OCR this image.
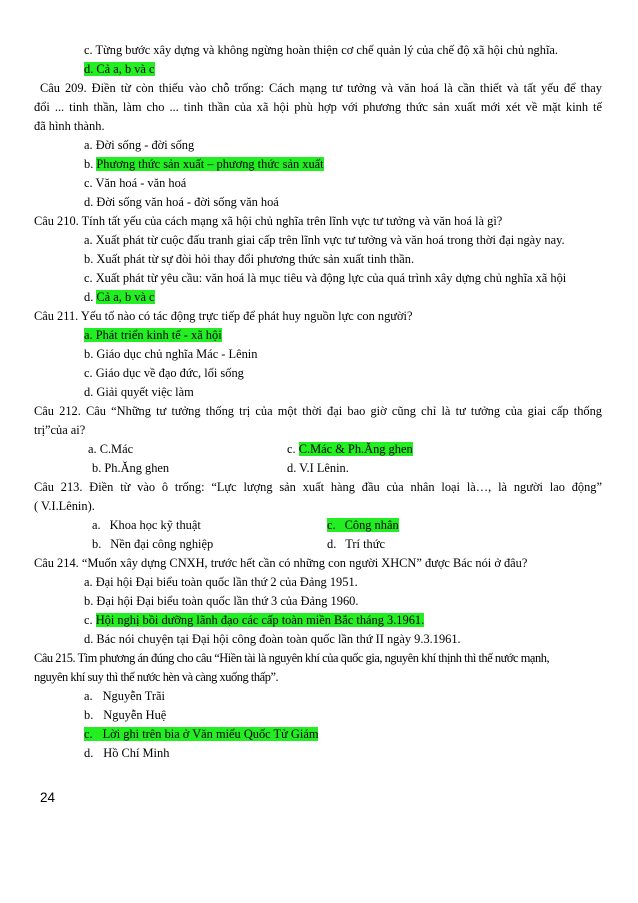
c. Từng bước xây dựng và không ngừng hoàn thiện cơ chế quản lý của chế độ xã hội chủ nghĩa.
d. Cả a, b và c
Câu 209. Điền từ còn thiếu vào chỗ trống: Cách mạng tư tưởng và văn hoá là cần thiết và tất yếu để thay
đổi ... tinh thần, làm cho ... tinh thần của xã hội phù hợp với phương thức sản xuất mới xét về mặt kinh tế
đã hình thành.
a. Đời sống - đời sống
b. Phương thức sản xuất – phương thức sản xuất
c. Văn hoá - văn hoá
d. Đời sống văn hoá - đời sống văn hoá
Câu 210. Tính tất yếu của cách mạng xã hội chủ nghĩa trên lĩnh vực tư tưởng và văn hoá là gì?
a. Xuất phát từ cuộc đấu tranh giai cấp trên lĩnh vực tư tưởng và văn hoá trong thời đại ngày nay.
b. Xuất phát từ sự đòi hỏi thay đổi phương thức sản xuất tinh thần.
c. Xuất phát từ yêu cầu: văn hoá là mục tiêu và động lực của quá trình xây dựng chủ nghĩa xã hội
d. Cả a, b và c
Câu 211. Yếu tố nào có tác động trực tiếp để phát huy nguồn lực con người?
a. Phát triển kinh tế - xã hội
b. Giáo dục chủ nghĩa Mác - Lênin
c. Giáo dục về đạo đức, lối sống
d. Giải quyết việc làm
Câu 212. Câu “Những tư tưởng thống trị của một thời đại bao giờ cũng chỉ là tư tưởng của giai cấp thống
trị”của ai?
a. C.Mác	c. C.Mác & Ph.Ăng ghen
b. Ph.Ăng ghen	d. V.I Lênin.
Câu 213. Điền từ vào ô trống: “Lực lượng sản xuất hàng đầu của nhân loại là…, là người lao động”
( V.I.Lênin).
a. Khoa học kỹ thuật	c. Công nhân
b. Nền đại công nghiệp	d. Trí thức
Câu 214. “Muốn xây dựng CNXH, trước hết cần có những con người XHCN” được Bác nói ở đâu?
a. Đại hội Đại biểu toàn quốc lần thứ 2 của Đảng 1951.
b. Đại hội Đại biểu toàn quốc lần thứ 3 của Đảng 1960.
c. Hội nghị bồi dưỡng lãnh đạo các cấp toàn miền Bắc tháng 3.1961.
d. Bác nói chuyện tại Đại hội công đoàn toàn quốc lần thứ II ngày 9.3.1961.
Câu 215. Tìm phương án đúng cho câu “Hiền tài là nguyên khí của quốc gia, nguyên khí thịnh thì thế nước mạnh,
nguyên khí suy thì thế nước hèn và càng xuống thấp”.
a. Nguyễn Trãi
b. Nguyễn Huệ
c. Lời ghi trên bia ở Văn miếu Quốc Tử Giám
d. Hồ Chí Minh
24
